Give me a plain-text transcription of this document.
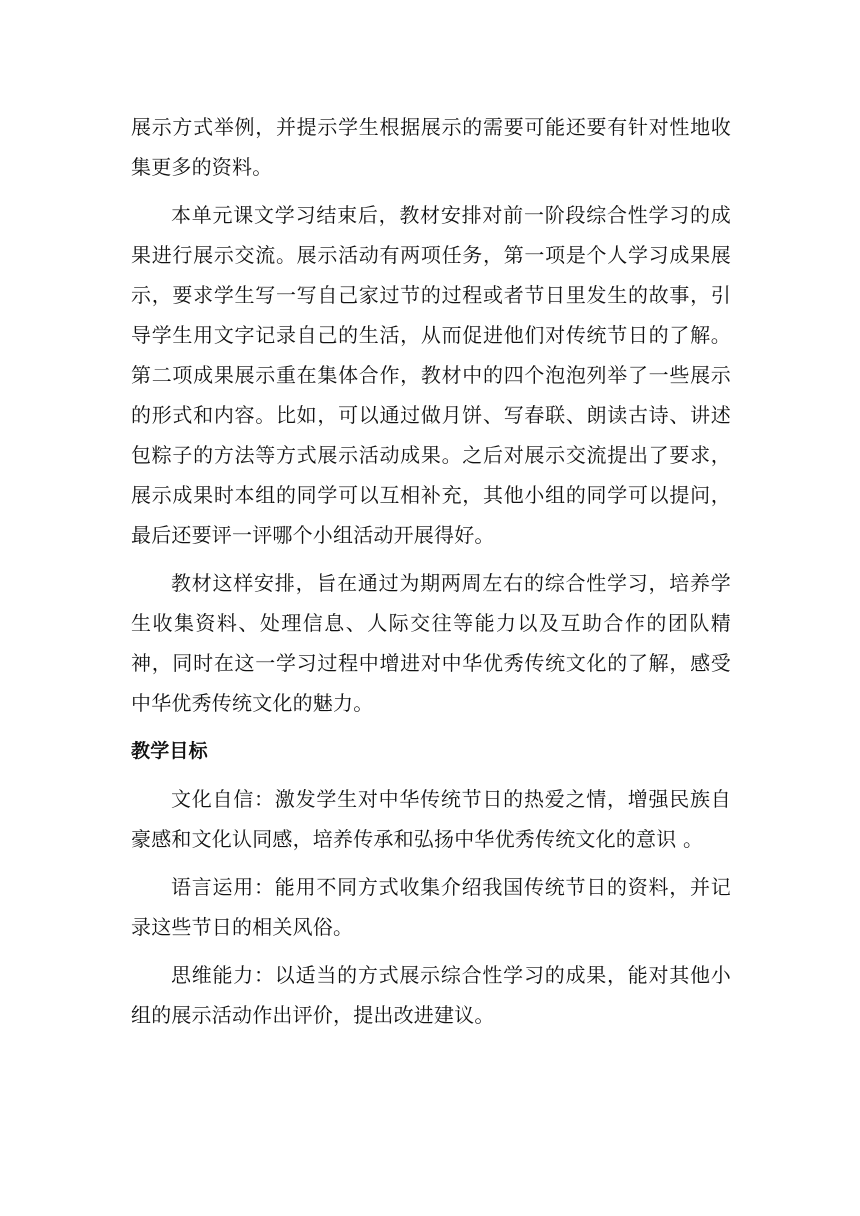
展示方式举例，并提示学生根据展示的需要可能还要有针对性地收集更多的资料。

本单元课文学习结束后，教材安排对前一阶段综合性学习的成果进行展示交流。展示活动有两项任务，第一项是个人学习成果展示，要求学生写一写自己家过节的过程或者节日里发生的故事，引导学生用文字记录自己的生活，从而促进他们对传统节日的了解。第二项成果展示重在集体合作，教材中的四个泡泡列举了一些展示的形式和内容。比如，可以通过做月饼、写春联、朗读古诗、讲述包粽子的方法等方式展示活动成果。之后对展示交流提出了要求，展示成果时本组的同学可以互相补充，其他小组的同学可以提问，最后还要评一评哪个小组活动开展得好。

教材这样安排，旨在通过为期两周左右的综合性学习，培养学生收集资料、处理信息、人际交往等能力以及互助合作的团队精神，同时在这一学习过程中增进对中华优秀传统文化的了解，感受中华优秀传统文化的魅力。

教学目标

文化自信：激发学生对中华传统节日的热爱之情，增强民族自豪感和文化认同感，培养传承和弘扬中华优秀传统文化的意识 。

语言运用：能用不同方式收集介绍我国传统节日的资料，并记录这些节日的相关风俗。

思维能力：以适当的方式展示综合性学习的成果，能对其他小组的展示活动作出评价，提出改进建议。
